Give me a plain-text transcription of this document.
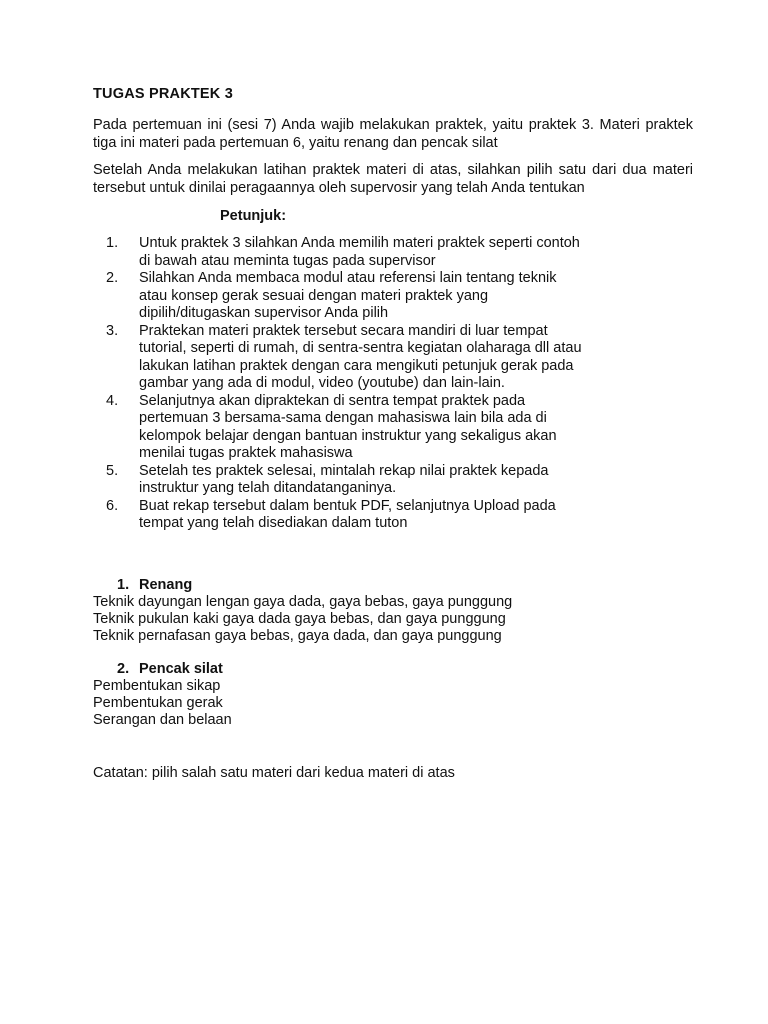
TUGAS PRAKTEK 3
Pada pertemuan ini (sesi 7) Anda wajib melakukan praktek, yaitu praktek 3. Materi praktek tiga ini materi pada pertemuan 6, yaitu renang dan pencak silat
Setelah Anda melakukan latihan praktek materi di atas, silahkan pilih satu dari dua materi tersebut untuk dinilai peragaannya oleh supervosir yang telah Anda tentukan
Petunjuk:
1. Untuk praktek 3 silahkan Anda memilih materi praktek seperti contoh
di bawah atau meminta tugas pada supervisor
2. Silahkan Anda membaca modul atau referensi lain tentang teknik
atau konsep gerak sesuai dengan materi praktek yang
dipilih/ditugaskan supervisor Anda pilih
3. Praktekan materi praktek tersebut secara mandiri di luar tempat
tutorial, seperti di rumah, di sentra-sentra kegiatan olaharaga dll atau
lakukan latihan praktek dengan cara mengikuti petunjuk gerak pada
gambar yang ada di modul, video (youtube) dan lain-lain.
4. Selanjutnya akan dipraktekan di sentra tempat praktek pada
pertemuan 3 bersama-sama dengan mahasiswa lain bila ada di
kelompok belajar dengan bantuan instruktur yang sekaligus akan
menilai tugas praktek mahasiswa
5. Setelah tes praktek selesai, mintalah rekap nilai praktek kepada
instruktur yang telah ditandatanganinya.
6. Buat rekap tersebut dalam bentuk PDF, selanjutnya Upload pada
tempat yang telah disediakan dalam tuton
1. Renang
Teknik dayungan lengan gaya dada, gaya bebas, gaya punggung
Teknik pukulan kaki gaya dada gaya bebas, dan gaya punggung
Teknik pernafasan gaya bebas, gaya dada, dan gaya punggung
2. Pencak silat
Pembentukan sikap
Pembentukan gerak
Serangan dan belaan
Catatan: pilih salah satu materi dari kedua materi di atas
